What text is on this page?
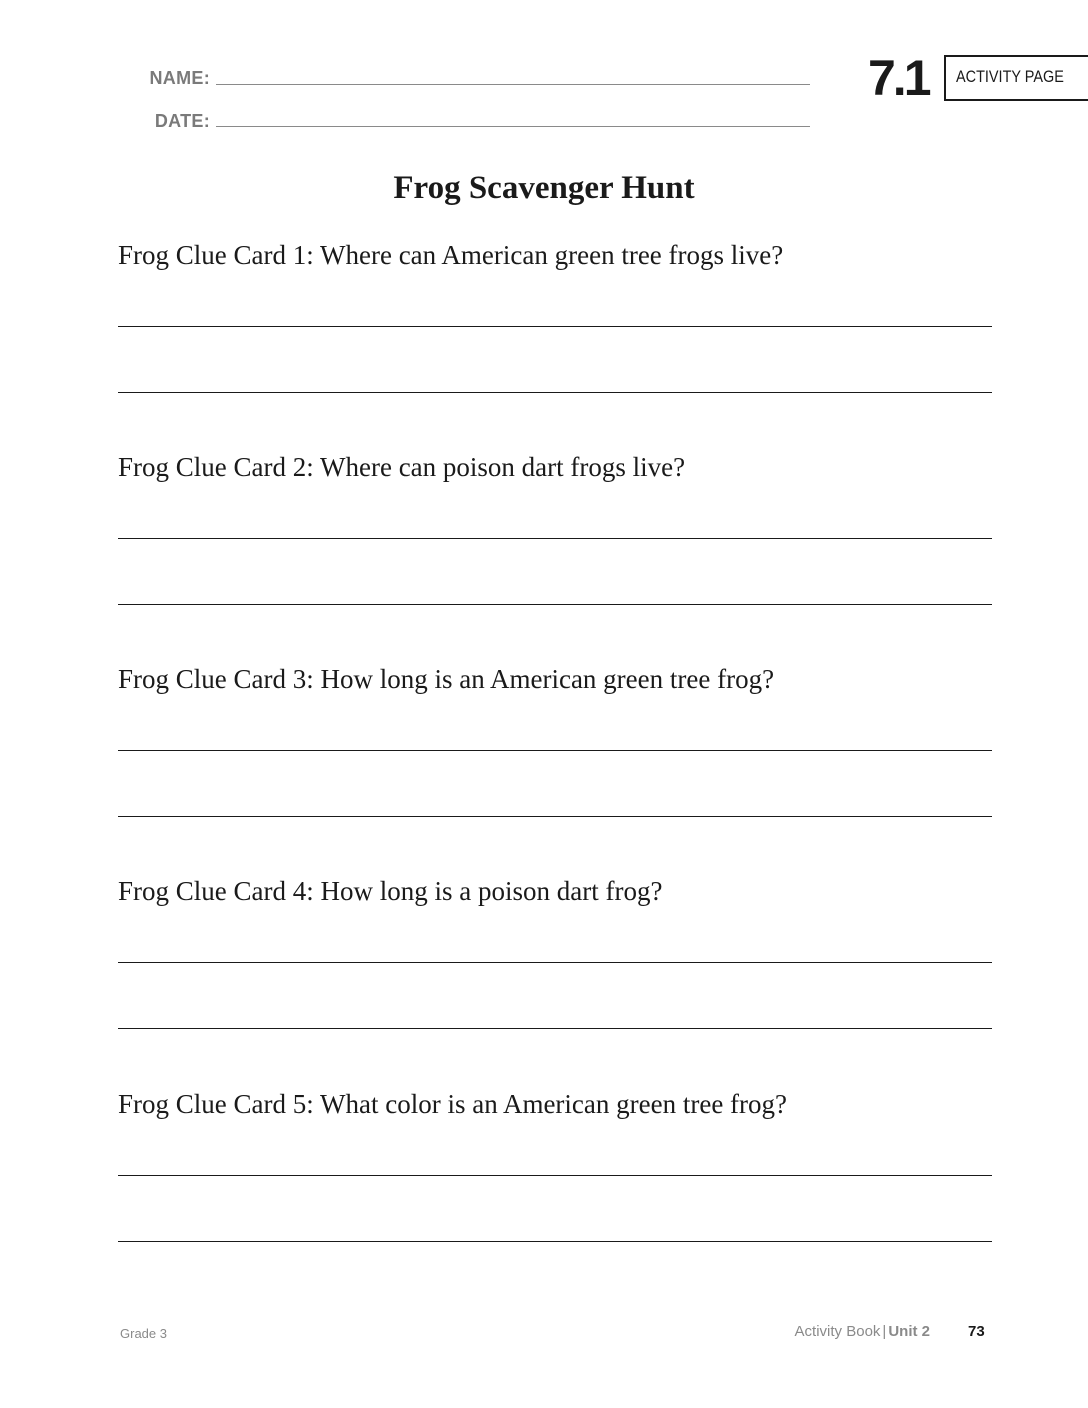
NAME:
DATE:
7.1 ACTIVITY PAGE
Frog Scavenger Hunt
Frog Clue Card 1: Where can American green tree frogs live?
Frog Clue Card 2: Where can poison dart frogs live?
Frog Clue Card 3: How long is an American green tree frog?
Frog Clue Card 4: How long is a poison dart frog?
Frog Clue Card 5: What color is an American green tree frog?
Grade 3	Activity Book | Unit 2	73
